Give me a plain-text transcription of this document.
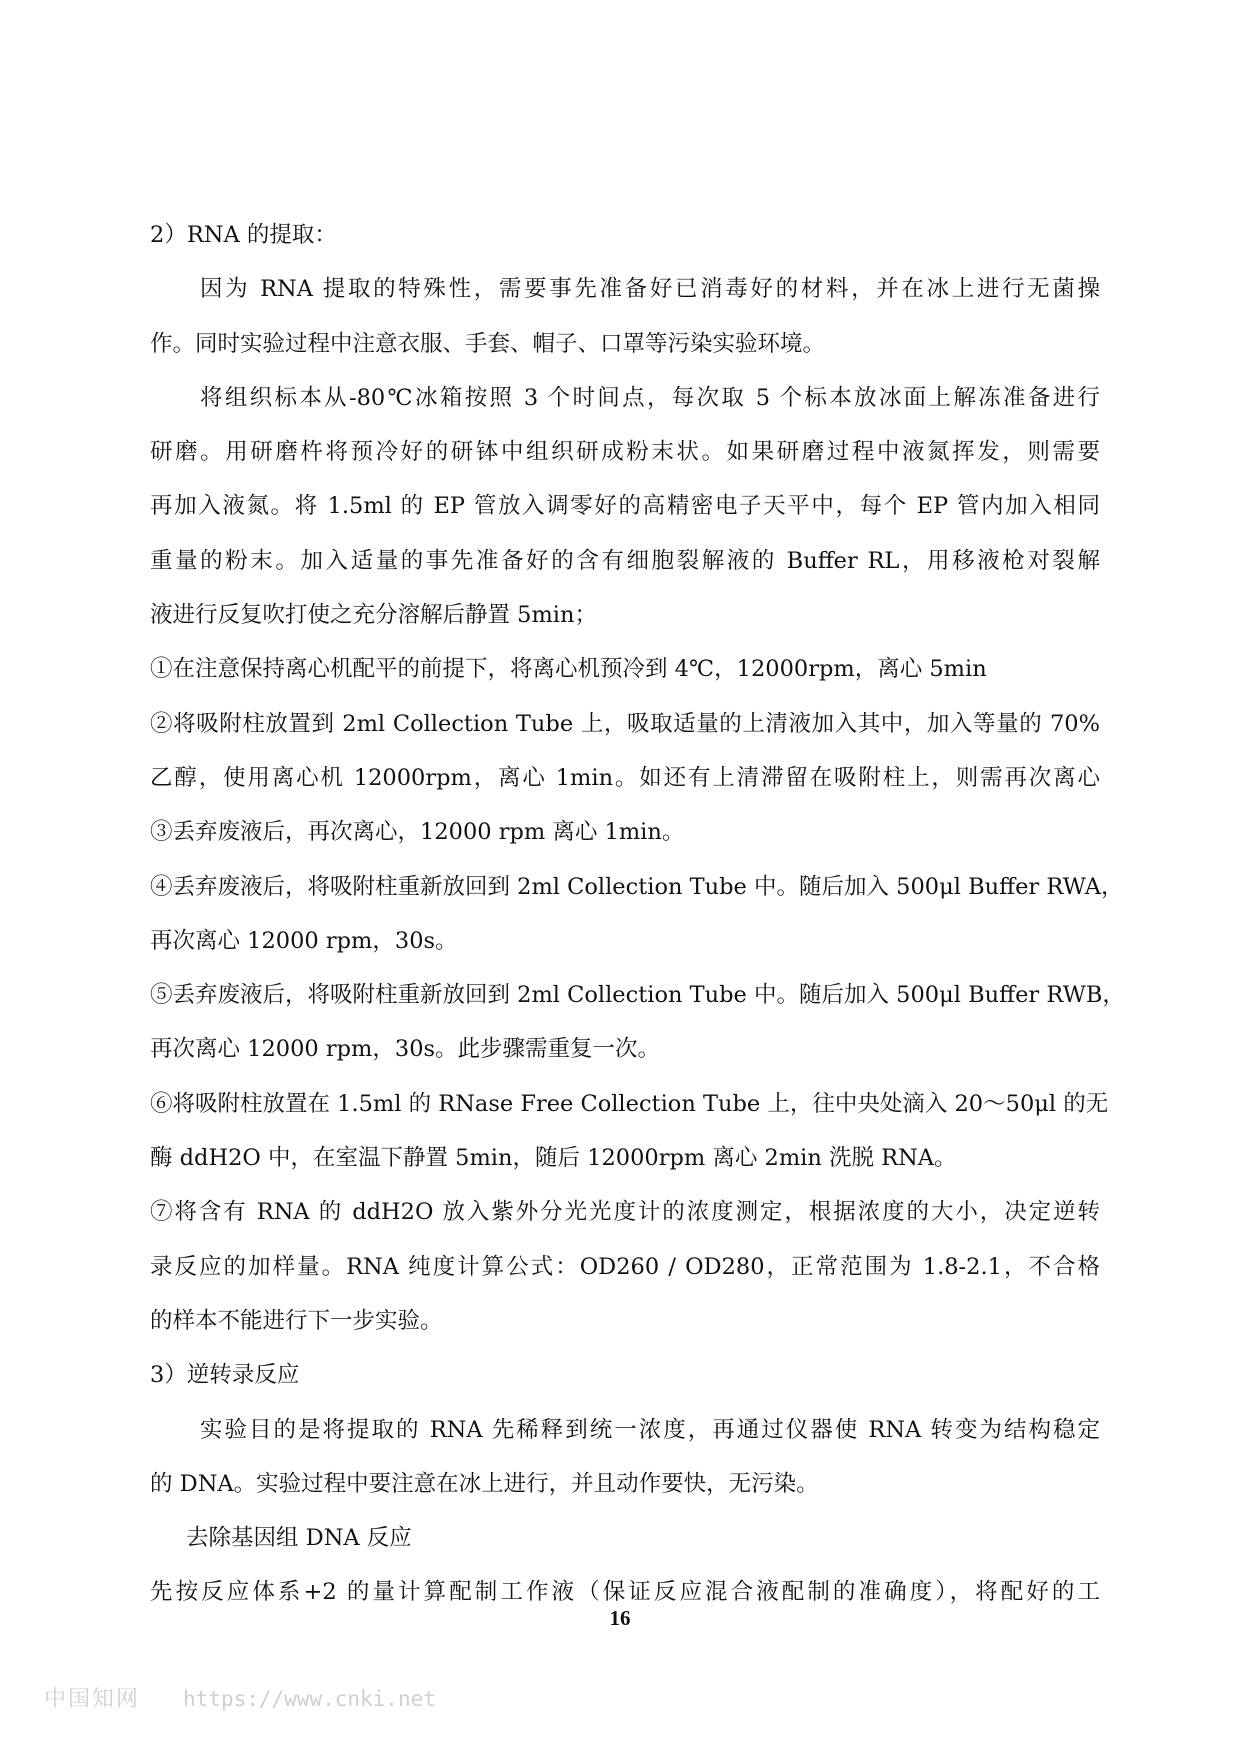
2）RNA 的提取：
因为 RNA 提取的特殊性，需要事先准备好已消毒好的材料，并在冰上进行无菌操
作。同时实验过程中注意衣服、手套、帽子、口罩等污染实验环境。
将组织标本从-80℃冰箱按照 3 个时间点，每次取 5 个标本放冰面上解冻准备进行
研磨。用研磨杵将预冷好的研钵中组织研成粉末状。如果研磨过程中液氮挥发，则需要
再加入液氮。将 1.5ml 的 EP 管放入调零好的高精密电子天平中，每个 EP 管内加入相同
重量的粉末。加入适量的事先准备好的含有细胞裂解液的 Buffer RL，用移液枪对裂解
液进行反复吹打使之充分溶解后静置 5min；
①在注意保持离心机配平的前提下，将离心机预冷到 4℃，12000rpm，离心 5min
②将吸附柱放置到 2ml Collection Tube 上，吸取适量的上清液加入其中，加入等量的 70%
乙醇，使用离心机 12000rpm，离心 1min。如还有上清滞留在吸附柱上，则需再次离心
③丢弃废液后，再次离心，12000 rpm 离心 1min。
④丢弃废液后，将吸附柱重新放回到 2ml Collection Tube 中。随后加入 500μl Buffer RWA，
再次离心 12000 rpm，30s。
⑤丢弃废液后，将吸附柱重新放回到 2ml Collection Tube 中。随后加入 500μl Buffer RWB，
再次离心 12000 rpm，30s。此步骤需重复一次。
⑥将吸附柱放置在 1.5ml 的 RNase Free Collection Tube 上，往中央处滴入 20～50μl 的无
酶 ddH2O 中，在室温下静置 5min，随后 12000rpm 离心 2min 洗脱 RNA。
⑦将含有 RNA 的 ddH2O 放入紫外分光光度计的浓度测定，根据浓度的大小，决定逆转
录反应的加样量。RNA 纯度计算公式：OD260 / OD280，正常范围为 1.8-2.1，不合格
的样本不能进行下一步实验。
3）逆转录反应
实验目的是将提取的 RNA 先稀释到统一浓度，再通过仪器使 RNA 转变为结构稳定
的 DNA。实验过程中要注意在冰上进行，并且动作要快，无污染。
去除基因组 DNA 反应
先按反应体系+2 的量计算配制工作液（保证反应混合液配制的准确度），将配好的工
16
中国知网 https://www.cnki.net
